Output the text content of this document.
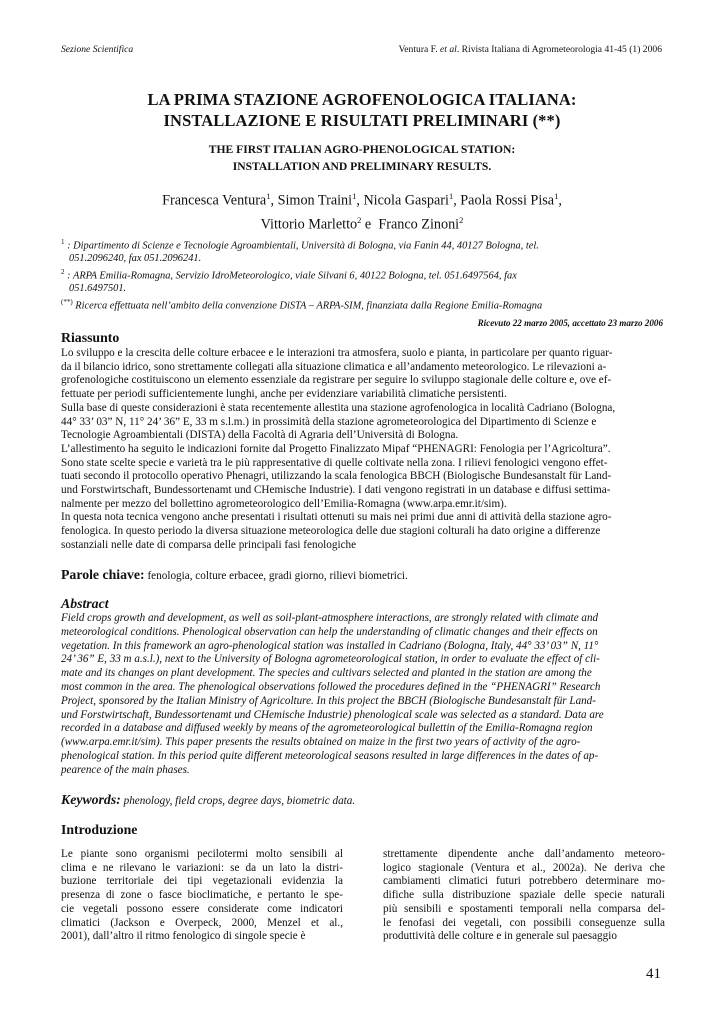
Sezione Scientifica	Ventura F. et al. Rivista Italiana di Agrometeorologia 41-45 (1) 2006
LA PRIMA STAZIONE AGROFENOLOGICA ITALIANA:
INSTALLAZIONE E RISULTATI PRELIMINARI (**)
THE FIRST ITALIAN AGRO-PHENOLOGICAL STATION:
INSTALLATION AND PRELIMINARY RESULTS.
Francesca Ventura$^1$, Simon Traini$^1$, Nicola Gaspari$^1$, Paola Rossi Pisa$^1$,
Vittorio Marletto$^2$ e  Franco Zinoni$^2$
$^1$ : Dipartimento di Scienze e Tecnologie Agroambientali, Università di Bologna, via Fanin 44, 40127 Bologna, tel.
051.2096240, fax 051.2096241.
$^2$ : ARPA Emilia-Romagna, Servizio IdroMeteorologico, viale Silvani 6, 40122 Bologna, tel. 051.6497564, fax
051.6497501.
(**) Ricerca effettuata nell’ambito della convenzione DiSTA – ARPA-SIM, finanziata dalla Regione Emilia-Romagna
Ricevuto 22 marzo 2005, accettato 23 marzo 2006
Riassunto
Lo sviluppo e la crescita delle colture erbacee e le interazioni tra atmosfera, suolo e pianta, in particolare per quanto riguar-
da il bilancio idrico, sono strettamente collegati alla situazione climatica e all’andamento meteorologico. Le rilevazioni a-
grofenologiche costituiscono un elemento essenziale da registrare per seguire lo sviluppo stagionale delle colture e, ove ef-
fettuate per periodi sufficientemente lunghi, anche per evidenziare variabilità climatiche persistenti.
Sulla base di queste considerazioni è stata recentemente allestita una stazione agrofenologica in località Cadriano (Bologna,
44° 33’ 03” N, 11° 24’ 36” E, 33 m s.l.m.) in prossimità della stazione agrometeorologica del Dipartimento di Scienze e
Tecnologie Agroambientali (DISTA) della Facoltà di Agraria dell’Università di Bologna.
L’allestimento ha seguito le indicazioni fornite dal Progetto Finalizzato Mipaf “PHENAGRI: Fenologia per l’Agricoltura”.
Sono state scelte specie e varietà tra le più rappresentative di quelle coltivate nella zona. I rilievi fenologici vengono effet-
tuati secondo il protocollo operativo Phenagri, utilizzando la scala fenologica BBCH (Biologische Bundesanstalt für Land-
und Forstwirtschaft, Bundessortenamt und CHemische Industrie). I dati vengono registrati in un database e diffusi settima-
nalmente per mezzo del bollettino agrometeorologico dell’Emilia-Romagna (www.arpa.emr.it/sim).
In questa nota tecnica vengono anche presentati i risultati ottenuti su mais nei primi due anni di attività della stazione agro-
fenologica. In questo periodo la diversa situazione meteorologica delle due stagioni colturali ha dato origine a differenze
sostanziali nelle date di comparsa delle principali fasi fenologiche
Parole chiave: fenologia, colture erbacee, gradi giorno, rilievi biometrici.
Abstract
Field crops growth and development, as well as soil-plant-atmosphere interactions, are strongly related with climate and
meteorological conditions. Phenological observation can help the understanding of climatic changes and their effects on
vegetation. In this framework an agro-phenological station was installed in Cadriano (Bologna, Italy, 44° 33’ 03” N, 11°
24’ 36” E, 33 m a.s.l.), next to the University of Bologna agrometeorological station, in order to evaluate the effect of cli-
mate and its changes on plant development. The species and cultivars selected and planted in the station are among the
most common in the area. The phenological observations followed the procedures defined in the “PHENAGRI” Research
Project, sponsored by the Italian Ministry of Agricolture. In this project the BBCH (Biologische Bundesanstalt für Land-
und Forstwirtschaft, Bundessortenamt und CHemische Industrie) phenological scale was selected as a standard. Data are
recorded in a database and diffused weekly by means of the agrometeorological bullettin of the Emilia-Romagna region
(www.arpa.emr.it/sim). This paper presents the results obtained on maize in the first two years of activity of the agro-
phenological station. In this period quite different meteorological seasons resulted in large differences in the dates of ap-
pearence of the main phases.
Keywords: phenology, field crops, degree days, biometric data.
Introduzione
Le piante sono organismi pecilotermi molto sensibili al
clima e ne rilevano le variazioni: se da un lato la distri-
buzione territoriale dei tipi vegetazionali evidenzia la
presenza di zone o fasce bioclimatiche, e pertanto le spe-
cie vegetali possono essere considerate come indicatori
climatici (Jackson e Overpeck, 2000, Menzel et al.,
2001), dall’altro il ritmo fenologico di singole specie è
strettamente dipendente anche dall’andamento meteoro-
logico stagionale (Ventura et al., 2002a). Ne deriva che
cambiamenti climatici futuri potrebbero determinare mo-
difiche sulla distribuzione spaziale delle specie naturali
più sensibili e spostamenti temporali nella comparsa del-
le fenofasi dei vegetali, con possibili conseguenze sulla
produttività delle colture e in generale sul paesaggio
41
